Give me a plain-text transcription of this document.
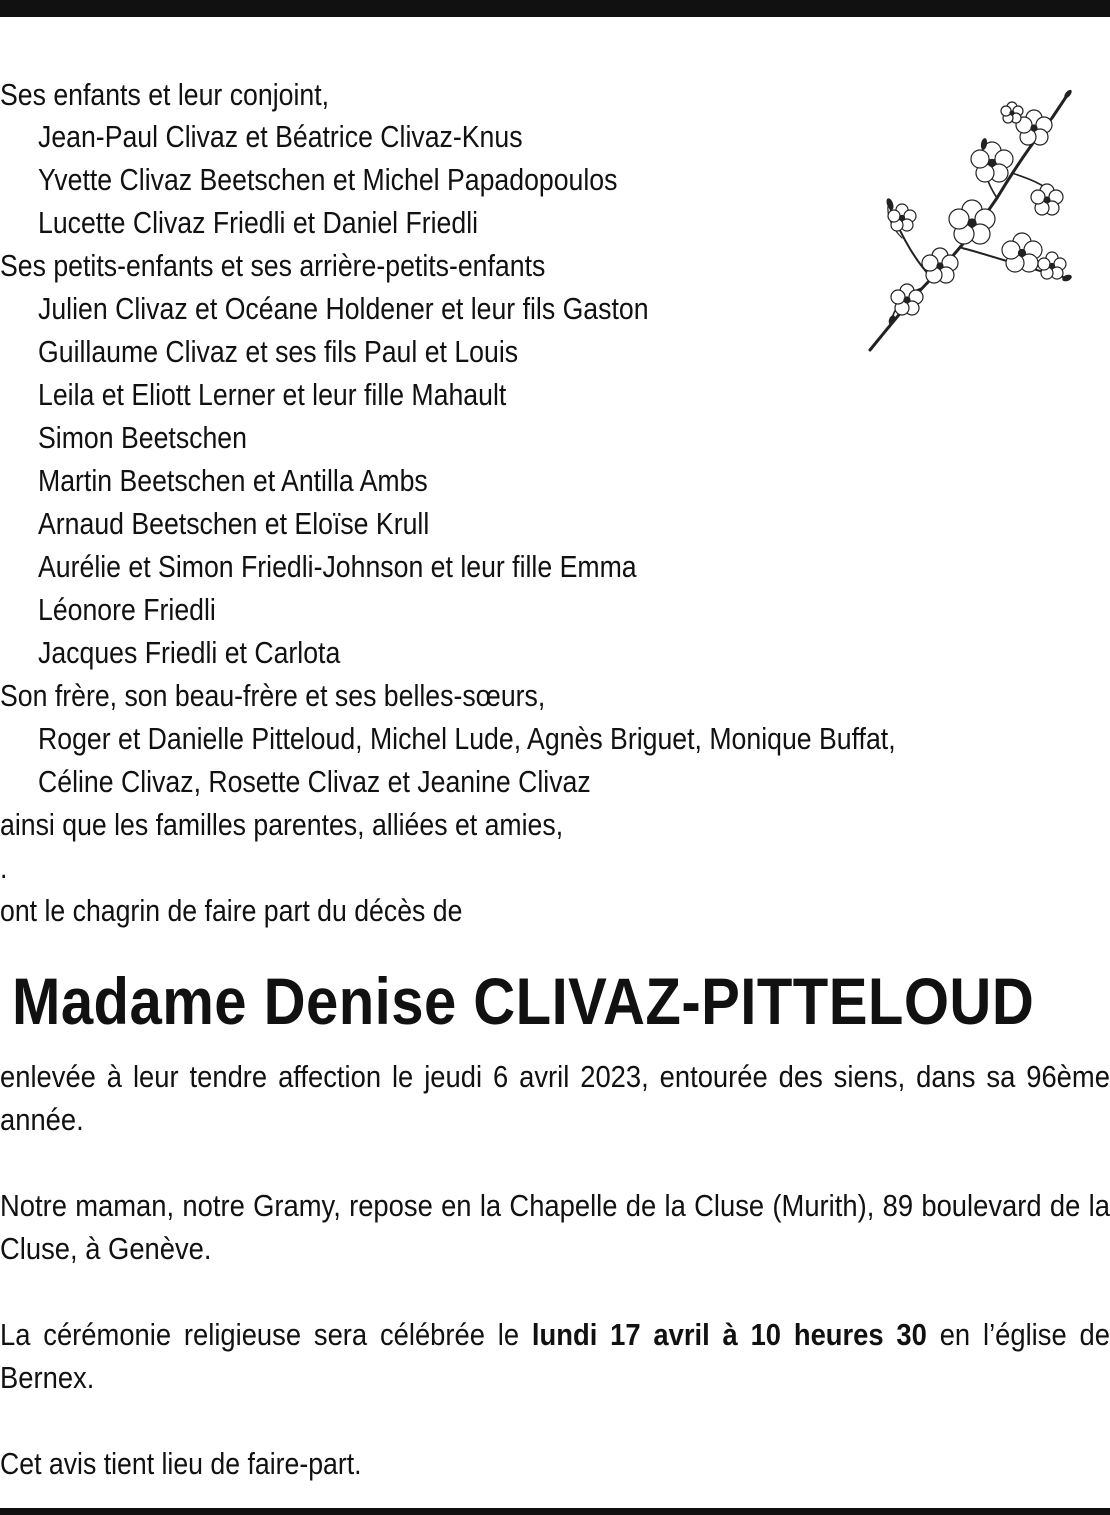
Ses enfants et leur conjoint,
Jean-Paul Clivaz et Béatrice Clivaz-Knus
Yvette Clivaz Beetschen et Michel Papadopoulos
Lucette Clivaz Friedli et Daniel Friedli
Ses petits-enfants et ses arrière-petits-enfants
Julien Clivaz et Océane Holdener et leur fils Gaston
Guillaume Clivaz et ses fils Paul et Louis
Leila et Eliott Lerner et leur fille Mahault
Simon Beetschen
Martin Beetschen et Antilla Ambs
Arnaud Beetschen et Eloïse Krull
Aurélie et Simon Friedli-Johnson et leur fille Emma
Léonore Friedli
Jacques Friedli et Carlota
Son frère, son beau-frère et ses belles-sœurs,
Roger et Danielle Pitteloud, Michel Lude, Agnès Briguet, Monique Buffat,
Céline Clivaz, Rosette Clivaz et Jeanine Clivaz
ainsi que les familles parentes, alliées et amies,
.
ont le chagrin de faire part du décès de
Madame Denise CLIVAZ-PITTELOUD
enlevée à leur tendre affection le jeudi 6 avril 2023, entourée des siens, dans sa 96ème année.
Notre maman, notre Gramy, repose en la Chapelle de la Cluse (Murith), 89 boulevard de la Cluse, à Genève.
La cérémonie religieuse sera célébrée le lundi 17 avril à 10 heures 30 en l’église de Bernex.
Cet avis tient lieu de faire-part.
